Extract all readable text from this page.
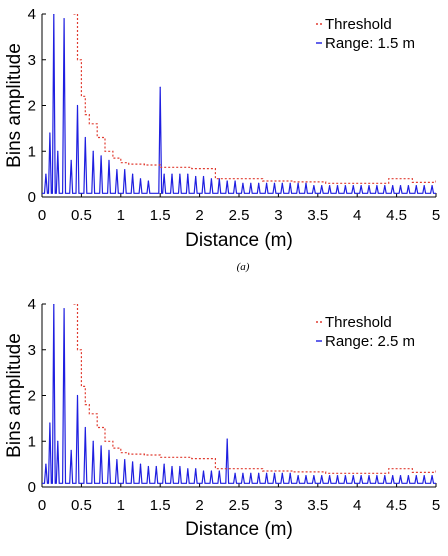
0 0.5 1 1.5 2 2.5 3 3.5 4 4.5 5
0
1
2
3
4
Distance (m)
Bins amplitude
(a)
Threshold
Range: 1.5 m
0 0.5 1 1.5 2 2.5 3 3.5 4 4.5 5
0
1
2
3
4
Distance (m)
Bins amplitude
Threshold
Range: 2.5 m
